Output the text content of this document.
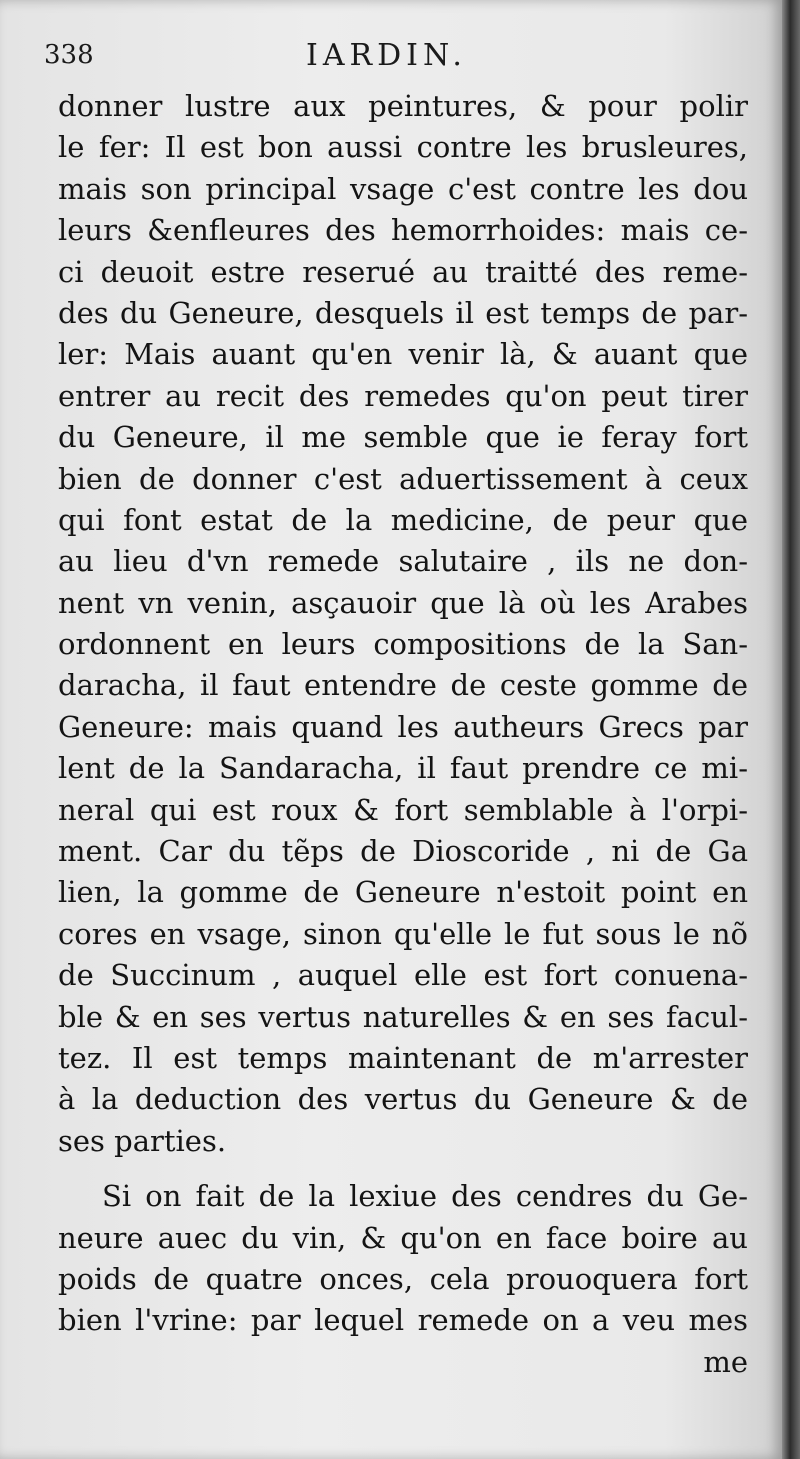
338	IARDIN.
donner lustre aux peintures, & pour polir
le fer: Il est bon aussi contre les brusleures,
mais son principal vsage c'est contre les dou
leurs &enfleures des hemorrhoides: mais ce-
ci deuoit estre reserué au traitté des reme-
des du Geneure, desquels il est temps de par-
ler: Mais auant qu'en venir là, & auant que
entrer au recit des remedes qu'on peut tirer
du Geneure, il me semble que ie feray fort
bien de donner c'est aduertissement à ceux
qui font estat de la medicine, de peur que
au lieu d'vn remede salutaire , ils ne don-
nent vn venin, asçauoir que là où les Arabes
ordonnent en leurs compositions de la San-
daracha, il faut entendre de ceste gomme de
Geneure: mais quand les autheurs Grecs par
lent de la Sandaracha, il faut prendre ce mi-
neral qui est roux & fort semblable à l'orpi-
ment. Car du tẽps de Dioscoride , ni de Ga
lien, la gomme de Geneure n'estoit point en
cores en vsage, sinon qu'elle le fut sous le nõ
de Succinum , auquel elle est fort conuena-
ble & en ses vertus naturelles & en ses facul-
tez. Il est temps maintenant de m'arrester
à la deduction des vertus du Geneure & de
ses parties.
Si on fait de la lexiue des cendres du Ge-
neure auec du vin, & qu'on en face boire au
poids de quatre onces, cela prouoquera fort
bien l'vrine: par lequel remede on a veu mes
me
